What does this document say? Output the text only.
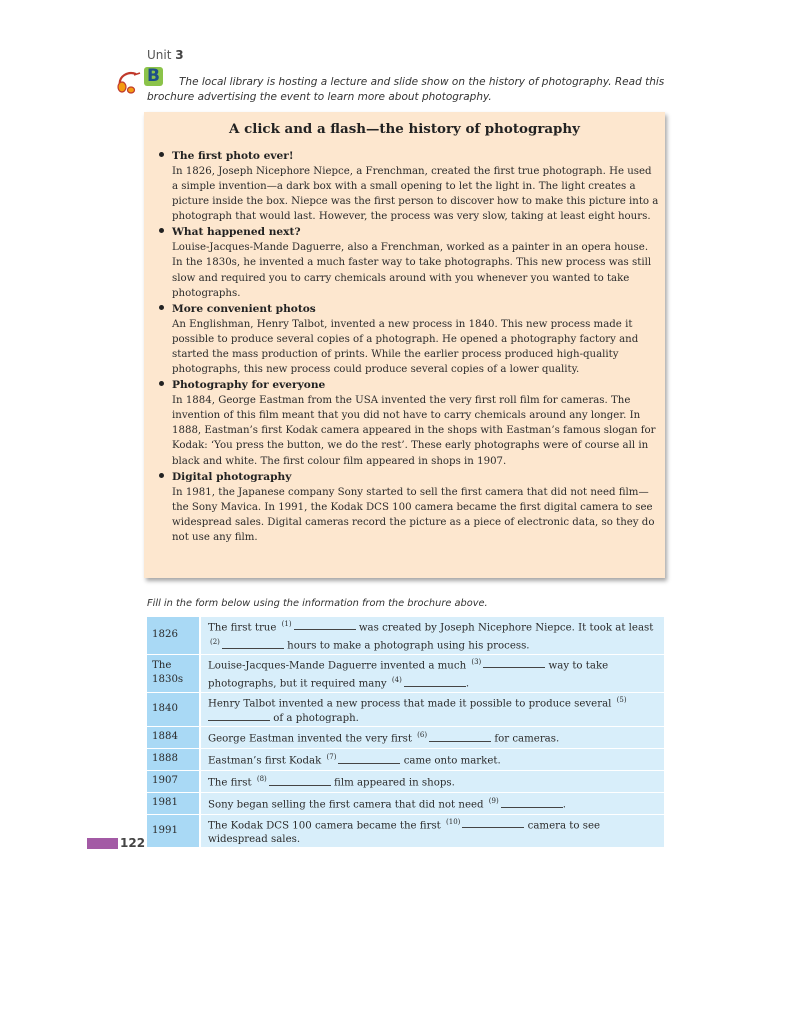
Unit 3
B	The local library is hosting a lecture and slide show on the history of photography. Read this brochure advertising the event to learn more about photography.
A click and a flash—the history of photography
The first photo ever!
In 1826, Joseph Nicephore Niepce, a Frenchman, created the first true photograph. He used a simple invention—a dark box with a small opening to let the light in. The light creates a picture inside the box. Niepce was the first person to discover how to make this picture into a photograph that would last. However, the process was very slow, taking at least eight hours.
What happened next?
Louise-Jacques-Mande Daguerre, also a Frenchman, worked as a painter in an opera house. In the 1830s, he invented a much faster way to take photographs. This new process was still slow and required you to carry chemicals around with you whenever you wanted to take photographs.
More convenient photos
An Englishman, Henry Talbot, invented a new process in 1840. This new process made it possible to produce several copies of a photograph. He opened a photography factory and started the mass production of prints. While the earlier process produced high-quality photographs, this new process could produce several copies of a lower quality.
Photography for everyone
In 1884, George Eastman from the USA invented the very first roll film for cameras. The invention of this film meant that you did not have to carry chemicals around any longer. In 1888, Eastman’s first Kodak camera appeared in the shops with Eastman’s famous slogan for Kodak: ‘You press the button, we do the rest’. These early photographs were of course all in black and white. The first colour film appeared in shops in 1907.
Digital photography
In 1981, the Japanese company Sony started to sell the first camera that did not need film—the Sony Mavica. In 1991, the Kodak DCS 100 camera became the first digital camera to see widespread sales. Digital cameras record the picture as a piece of electronic data, so they do not use any film.
Fill in the form below using the information from the brochure above.
1826	The first true $^{(1)}$ was created by Joseph Nicephore Niepce. It took at least $^{(2)}$ hours to make a photograph using his process.
The 1830s	Louise-Jacques-Mande Daguerre invented a much $^{(3)}$ way to take photographs, but it required many $^{(4)}$ .
1840	Henry Talbot invented a new process that made it possible to produce several $^{(5)}$ of a photograph.
1884	George Eastman invented the very first $^{(6)}$ for cameras.
1888	Eastman’s first Kodak $^{(7)}$ came onto market.
1907	The first $^{(8)}$ film appeared in shops.
1981	Sony began selling the first camera that did not need $^{(9)}$ .
1991	The Kodak DCS 100 camera became the first $^{(10)}$ camera to see widespread sales.
122
